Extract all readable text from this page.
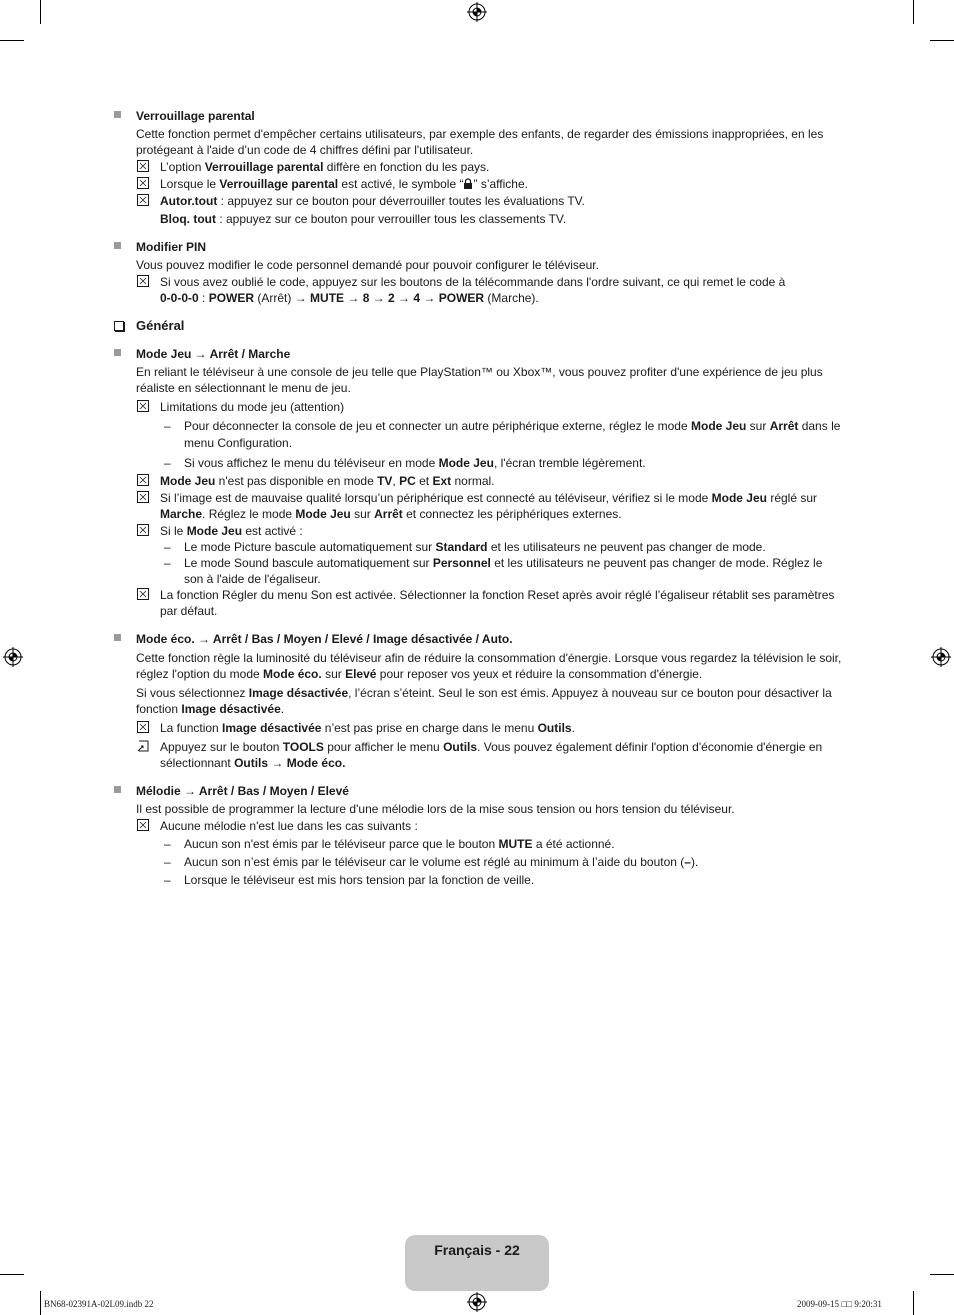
Verrouillage parental

Cette fonction permet d'empêcher certains utilisateurs, par exemple des enfants, de regarder des émissions inappropriées, en les protégeant à l'aide d’un code de 4 chiffres défini par l'utilisateur.

L’option Verrouillage parental diffère en fonction du les pays.

Lorsque le Verrouillage parental est activé, le symbole “ ” s’affiche.

Autor.tout : appuyez sur ce bouton pour déverrouiller toutes les évaluations TV.

Bloq. tout : appuyez sur ce bouton pour verrouiller tous les classements TV.

Modifier PIN

Vous pouvez modifier le code personnel demandé pour pouvoir configurer le téléviseur.

Si vous avez oublié le code, appuyez sur les boutons de la télécommande dans l'ordre suivant, ce qui remet le code à
0-0-0-0 : POWER (Arrêt) → MUTE → 8 → 2 → 4 → POWER (Marche).

Général
Mode Jeu → Arrêt / Marche

En reliant le téléviseur à une console de jeu telle que PlayStation™ ou Xbox™, vous pouvez profiter d'une expérience de jeu plus réaliste en sélectionnant le menu de jeu.

Limitations du mode jeu (attention)

– Pour déconnecter la console de jeu et connecter un autre périphérique externe, réglez le mode Mode Jeu sur Arrêt dans le menu Configuration.

– Si vous affichez le menu du téléviseur en mode Mode Jeu, l'écran tremble légèrement.

Mode Jeu n'est pas disponible en mode TV, PC et Ext normal.

Si l’image est de mauvaise qualité lorsqu’un périphérique est connecté au téléviseur, vérifiez si le mode Mode Jeu réglé sur Marche. Réglez le mode Mode Jeu sur Arrêt et connectez les périphériques externes.

Si le Mode Jeu est activé :

– Le mode Picture bascule automatiquement sur Standard et les utilisateurs ne peuvent pas changer de mode.

– Le mode Sound bascule automatiquement sur Personnel et les utilisateurs ne peuvent pas changer de mode. Réglez le son à l'aide de l'égaliseur.

La fonction Régler du menu Son est activée. Sélectionner la fonction Reset après avoir réglé l’égaliseur rétablit ses paramètres par défaut.

Mode éco. → Arrêt / Bas / Moyen / Elevé / Image désactivée / Auto.

Cette fonction règle la luminosité du téléviseur afin de réduire la consommation d'énergie. Lorsque vous regardez la télévision le soir, réglez l'option du mode Mode éco. sur Elevé pour reposer vos yeux et réduire la consommation d'énergie.

Si vous sélectionnez Image désactivée, l’écran s’éteint. Seul le son est émis. Appuyez à nouveau sur ce bouton pour désactiver la fonction Image désactivée.

La function Image désactivée n’est pas prise en charge dans le menu Outils.

Appuyez sur le bouton TOOLS pour afficher le menu Outils. Vous pouvez également définir l'option d'économie d'énergie en sélectionnant Outils → Mode éco.

Mélodie → Arrêt / Bas / Moyen / Elevé

Il est possible de programmer la lecture d'une mélodie lors de la mise sous tension ou hors tension du téléviseur.

Aucune mélodie n'est lue dans les cas suivants :

– Aucun son n'est émis par le téléviseur parce que le bouton MUTE a été actionné.

– Aucun son n’est émis par le téléviseur car le volume est réglé au minimum à l’aide du bouton (–).

– Lorsque le téléviseur est mis hors tension par la fonction de veille.

Français - 22
BN68-02391A-02L09.indb 22	2009-09-15 □□ 9:20:31
